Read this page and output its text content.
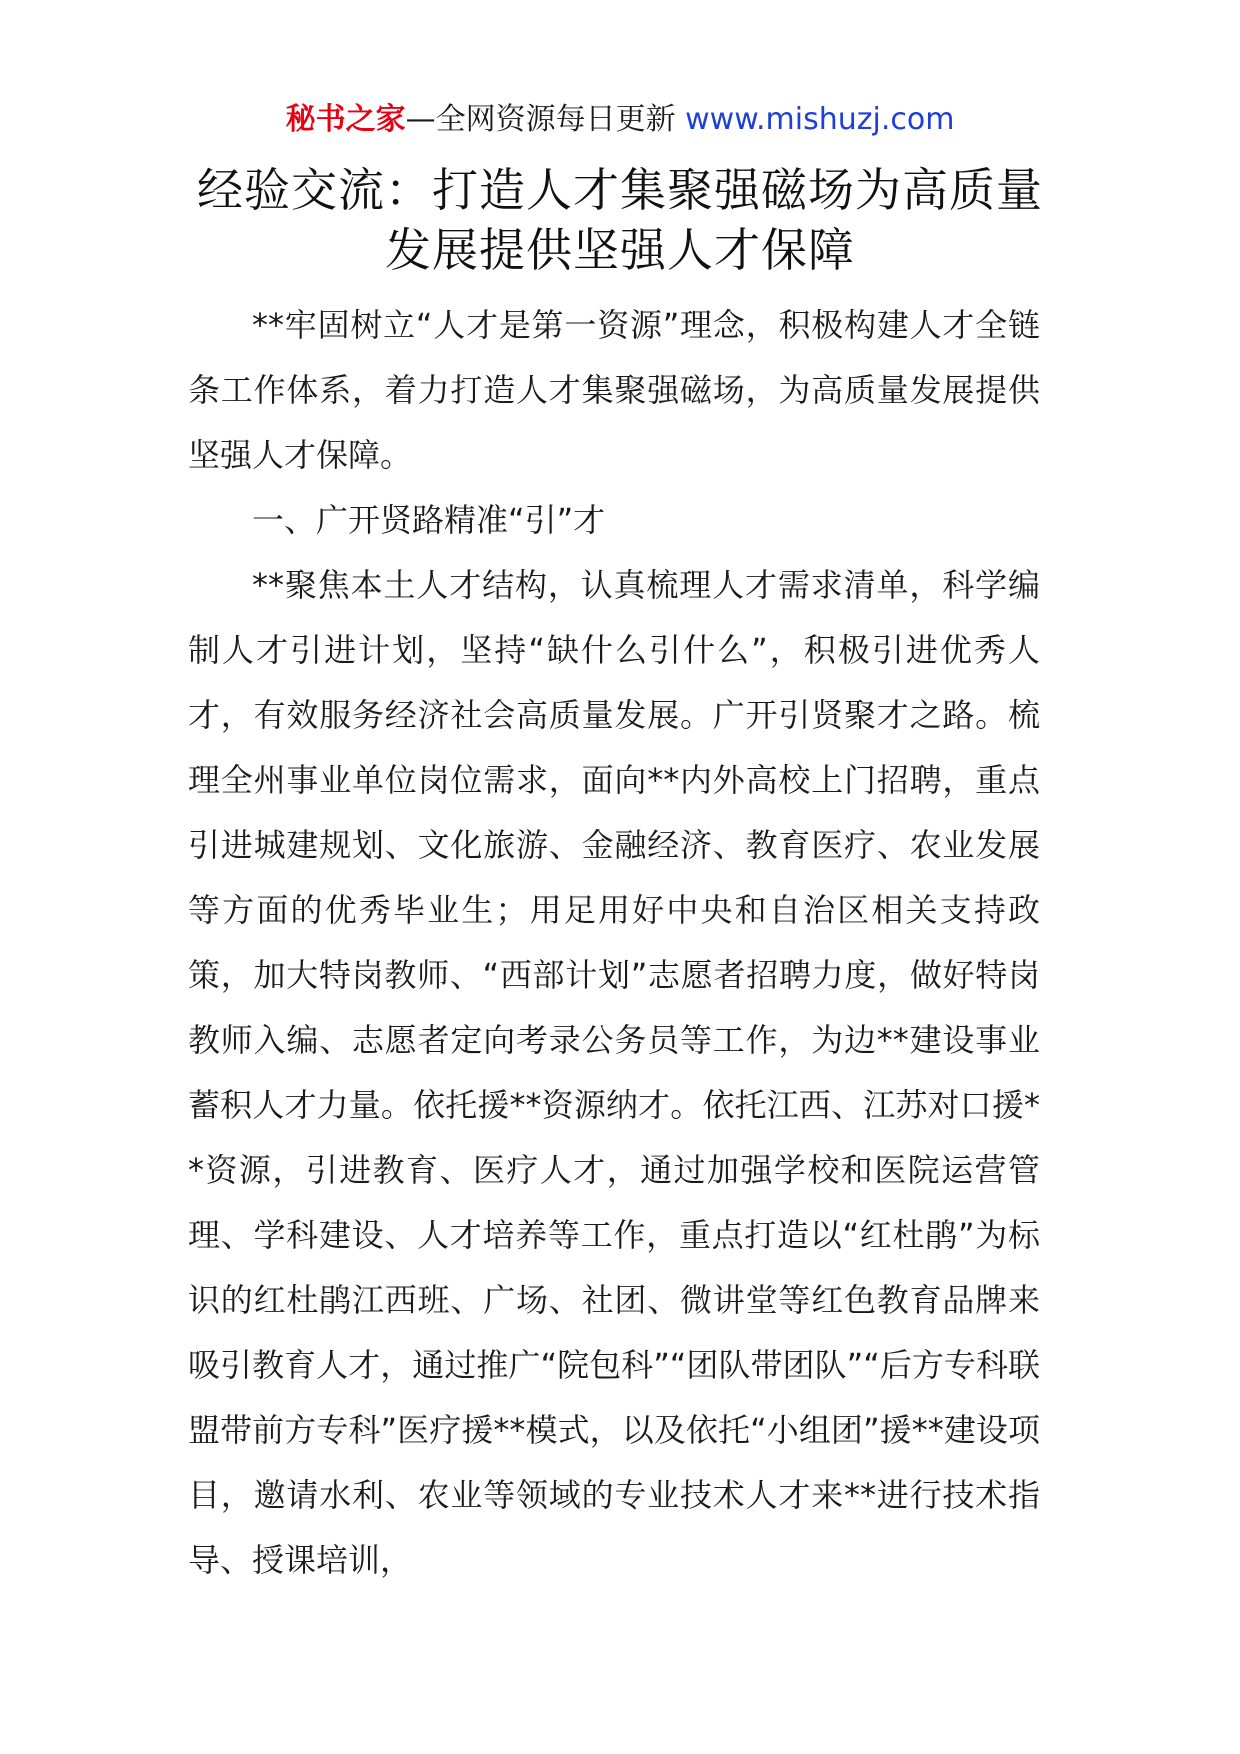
秘书之家—全网资源每日更新 www.mishuzj.com
经验交流：打造人才集聚强磁场为高质量发展提供坚强人才保障

**牢固树立“人才是第一资源”理念，积极构建人才全链条工作体系，着力打造人才集聚强磁场，为高质量发展提供坚强人才保障。

一、广开贤路精准“引”才

**聚焦本土人才结构，认真梳理人才需求清单，科学编制人才引进计划，坚持“缺什么引什么”，积极引进优秀人才，有效服务经济社会高质量发展。广开引贤聚才之路。梳理全州事业单位岗位需求，面向**内外高校上门招聘，重点引进城建规划、文化旅游、金融经济、教育医疗、农业发展等方面的优秀毕业生；用足用好中央和自治区相关支持政策，加大特岗教师、“西部计划”志愿者招聘力度，做好特岗教师入编、志愿者定向考录公务员等工作，为边**建设事业蓄积人才力量。依托援**资源纳才。依托江西、江苏对口援**资源，引进教育、医疗人才，通过加强学校和医院运营管理、学科建设、人才培养等工作，重点打造以“红杜鹃”为标识的红杜鹃江西班、广场、社团、微讲堂等红色教育品牌来吸引教育人才，通过推广“院包科”“团队带团队”“后方专科联盟带前方专科”医疗援**模式，以及依托“小组团”援**建设项目，邀请水利、农业等领域的专业技术人才来**进行技术指导、授课培训，
